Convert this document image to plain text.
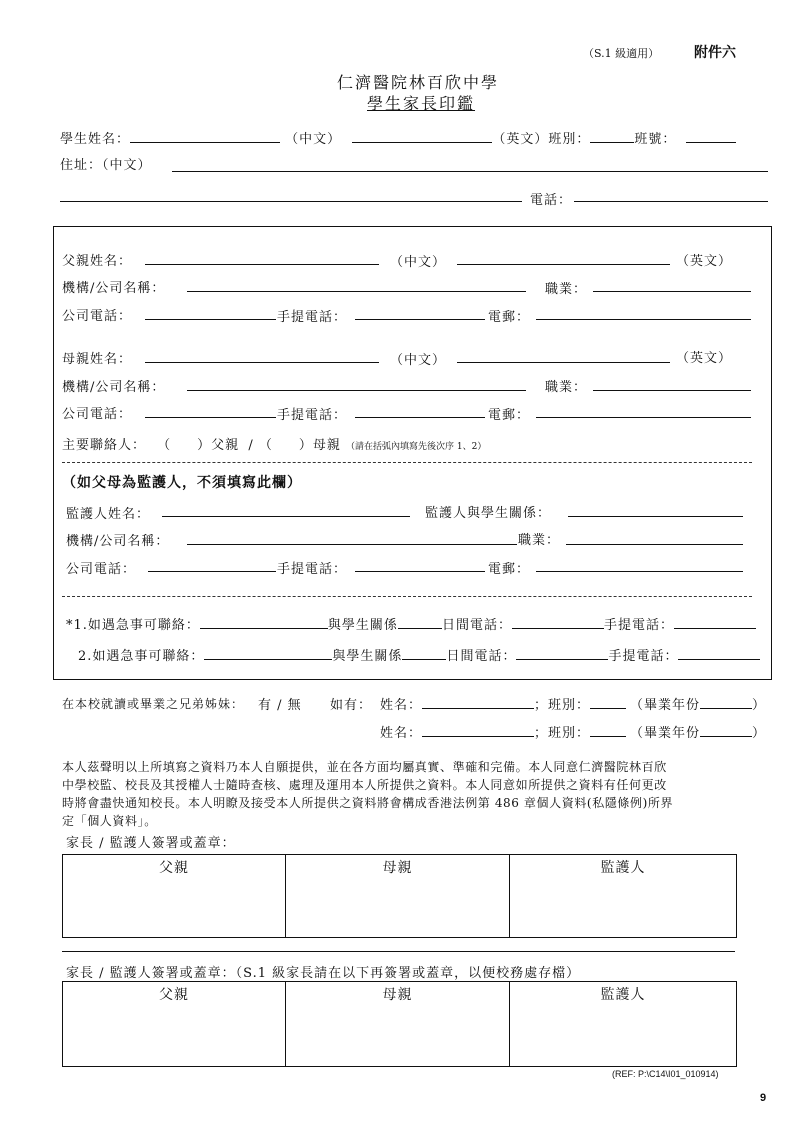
（S.1 級適用） 附件六
仁濟醫院林百欣中學
學生家長印鑑
學生姓名：	（中文）	（英文）班別：	班號：
住址：（中文）
電話：
父親姓名：	（中文）	（英文）
機構/公司名稱：	職業：
公司電話：	手提電話：	電郵：
母親姓名：	（中文）	（英文）
機構/公司名稱：	職業：
公司電話：	手提電話：	電郵：
主要聯絡人： （ ）父親 / （ ）母親 （請在括弧內填寫先後次序 1、2）
（如父母為監護人，不須填寫此欄）
監護人姓名：	監護人與學生關係：
機構/公司名稱：	職業：
公司電話：	手提電話：	電郵：
*1.如遇急事可聯絡：	與學生關係	日間電話：	手提電話：
2.如遇急事可聯絡：	與學生關係	日間電話：	手提電話：
在本校就讀或畢業之兄弟姊妹： 有 / 無 如有： 姓名：	；班別：	（畢業年份	）
姓名：	；班別：	（畢業年份	）
本人茲聲明以上所填寫之資料乃本人自願提供，並在各方面均屬真實、準確和完備。本人同意仁濟醫院林百欣
中學校監、校長及其授權人士隨時查核、處理及運用本人所提供之資料。本人同意如所提供之資料有任何更改
時將會盡快通知校長。本人明瞭及接受本人所提供之資料將會構成香港法例第 486 章個人資料(私隱條例)所界
定「個人資料」。
家長 / 監護人簽署或蓋章：
父親	母親	監護人
家長 / 監護人簽署或蓋章：（S.1 級家長請在以下再簽署或蓋章，以便校務處存檔）
父親	母親	監護人
(REF: P:\C14\I01_010914)
9
